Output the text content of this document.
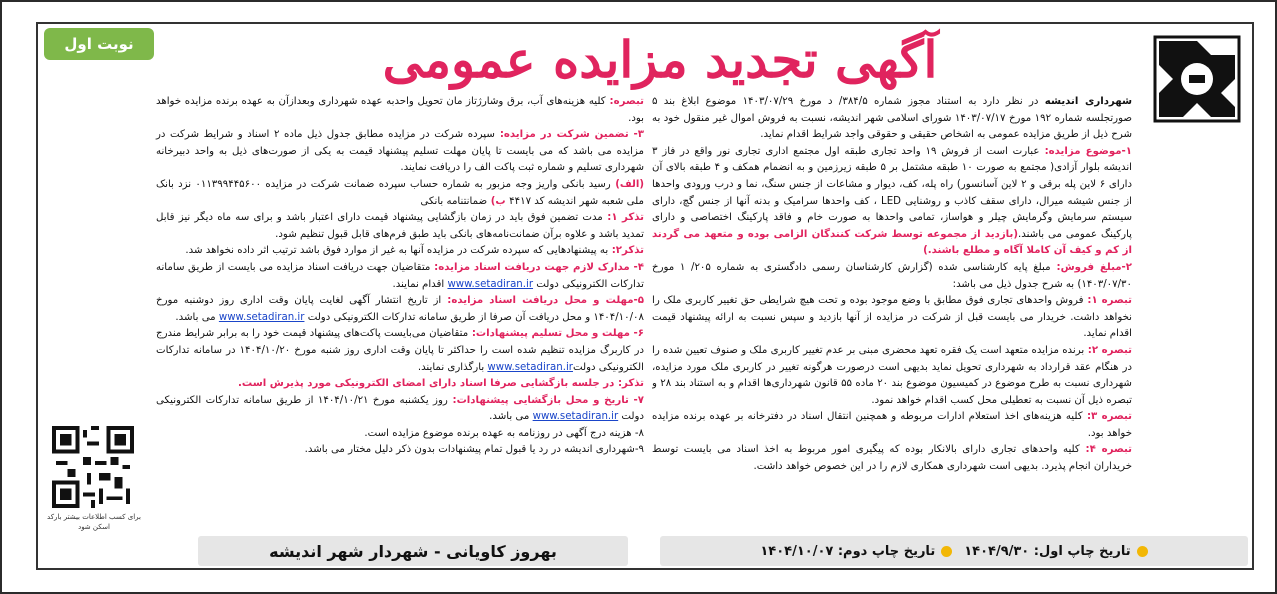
آگهی تجدید مزایده عمومی
نوبت اول

شهرداری اندیشه در نظر دارد به استناد مجوز شماره ۳۸۴/۵/ د مورخ ۱۴۰۳/۰۷/۲۹ موضوع ابلاغ بند ۵ صورتجلسه شماره ۱۹۲ مورخ ۱۴۰۳/۰۷/۱۷ شورای اسلامی شهر اندیشه، نسبت به فروش اموال غیر منقول خود به شرح ذیل از طریق مزایده عمومی به اشخاص حقیقی و حقوقی واجد شرایط اقدام نماید.

۱-موضوع مزایده: عبارت است از فروش ۱۹ واحد تجاری طبقه اول مجتمع اداری تجاری نور واقع در فاز ۳ اندیشه بلوار آزادی( مجتمع به صورت ۱۰ طبقه مشتمل بر ۵ طبقه زیرزمین و به انضمام همکف و ۴ طبقه بالای آن دارای ۶ لاین پله برقی و ۲ لاین آسانسور) راه پله، کف، دیوار و مشاعات از جنس سنگ، نما و درب ورودی واحدها از جنس شیشه میرال، دارای سقف کاذب و روشنایی LED ، کف واحدها سرامیک و بدنه آنها از جنس گچ، دارای سیستم سرمایش وگرمایش چیلر و هواساز، تمامی واحدها به صورت خام و فاقد پارکینگ اختصاصی و دارای پارکینگ عمومی می باشند.(بازدید از مجموعه توسط شرکت کنندگان الزامی بوده و متعهد می گردند از کم و کیف آن کاملا آگاه و مطلع باشند.)

۲-مبلغ فروش: مبلغ پایه کارشناسی شده (گزارش کارشناسان رسمی دادگستری به شماره ۲۰۵/ ۱ مورخ ۱۴۰۳/۰۷/۳۰) به شرح جدول ذیل می باشد:

تبصره ۱: فروش واحدهای تجاری فوق مطابق با وضع موجود بوده و تحت هیچ شرایطی حق تغییر کاربری ملک را نخواهد داشت. خریدار می بایست قبل از شرکت در مزایده از آنها بازدید و سپس نسبت به ارائه پیشنهاد قیمت اقدام نماید.

تبصره ۲: برنده مزایده متعهد است یک فقره تعهد محضری مبنی بر عدم تغییر کاربری ملک و صنوف تعیین شده را در هنگام عقد قرارداد به شهرداری تحویل نماید بدیهی است درصورت هرگونه تغییر در کاربری ملک مورد مزایده، شهرداری نسبت به طرح موضوع در کمیسیون موضوع بند ۲۰ ماده ۵۵ قانون شهرداری‌ها اقدام و به استناد بند ۲۸ و تبصره ذیل آن نسبت به تعطیلی محل کسب اقدام خواهد نمود.

تبصره ۳: کلیه هزینه‌های اخذ استعلام ادارات مربوطه و همچنین انتقال اسناد در دفترخانه بر عهده برنده مزایده خواهد بود.

تبصره ۴: کلیه واحدهای تجاری دارای بالانکار بوده که پیگیری امور مربوط به اخذ اسناد می بایست توسط خریداران انجام پذیرد. بدیهی است شهرداری همکاری لازم را در این خصوص خواهد داشت.

تبصره: کلیه هزینه‌های آب، برق وشارژتاز مان تحویل واحدبه عهده شهرداری وبعدازآن به عهده برنده مزایده خواهد بود.

۳- تضمین شرکت در مزایده: سپرده شرکت در مزایده مطابق جدول ذیل ماده ۲ اسناد و شرایط شرکت در مزایده می باشد که می بایست تا پایان مهلت تسلیم پیشنهاد قیمت به یکی از صورت‌های ذیل به واحد دبیرخانه شهرداری تسلیم و شماره ثبت پاکت الف را دریافت نمایند.

(الف) رسید بانکی واریز وجه مزبور به شماره حساب سپرده ضمانت شرکت در مزایده ۰۱۱۳۹۹۴۴۵۶۰۰ نزد بانک ملی شعبه شهر اندیشه کد ۴۴۱۷ ب) ضمانتنامه بانکی

تذکر ۱: مدت تضمین فوق باید در زمان بازگشایی پیشنهاد قیمت دارای اعتبار باشد و برای سه ماه دیگر نیز قابل تمدید باشد و علاوه برآن ضمانت‌نامه‌های بانکی باید طبق فرم‌های قابل قبول تنظیم شود.

تذکر۲: به پیشنهادهایی که سپرده شرکت در مزایده آنها به غیر از موارد فوق باشد ترتیب اثر داده نخواهد شد.

۴- مدارک لازم جهت دریافت اسناد مزایده: متقاضیان جهت دریافت اسناد مزایده می بایست از طریق سامانه تدارکات الکترونیکی دولت www.setadiran.ir اقدام نمایند.

۵-مهلت و محل دریافت اسناد مزایده: از تاریخ انتشار آگهی لغایت پایان وقت اداری روز دوشنبه مورخ ۱۴۰۴/۱۰/۰۸ و محل دریافت آن صرفا از طریق سامانه تدارکات الکترونیکی دولت www.setadiran.ir می باشد.

۶- مهلت و محل تسلیم پیشنهادات: متقاضیان می‌بایست پاکت‌های پیشنهاد قیمت خود را به برابر شرایط مندرج در کاربرگ مزایده تنظیم شده است را حداکثر تا پایان وقت اداری روز شنبه مورخ ۱۴۰۴/۱۰/۲۰ در سامانه تدارکات الکترونیکی دولتwww.setadiran.ir بارگذاری نمایند.

تذکر: در جلسه بازگشایی صرفا اسناد دارای امضای الکترونیکی مورد پذیرش است.

۷- تاریخ و محل بازگشایی پیشنهادات: روز یکشنبه مورخ ۱۴۰۴/۱۰/۲۱ از طریق سامانه تدارکات الکترونیکی دولت www.setadiran.ir می باشد.

۸- هزینه درج آگهی در روزنامه به عهده برنده موضوع مزایده است.

۹-شهرداری اندیشه در رد یا قبول تمام پیشنهادات بدون ذکر دلیل مختار می باشد.

برای کسب اطلاعات بیشتر بارکد اسکن شود
بهروز کاویانی - شهردار شهر اندیشه	تاریخ چاپ اول: ۱۴۰۴/۹/۳۰
تاریخ چاپ دوم: ۱۴۰۴/۱۰/۰۷
